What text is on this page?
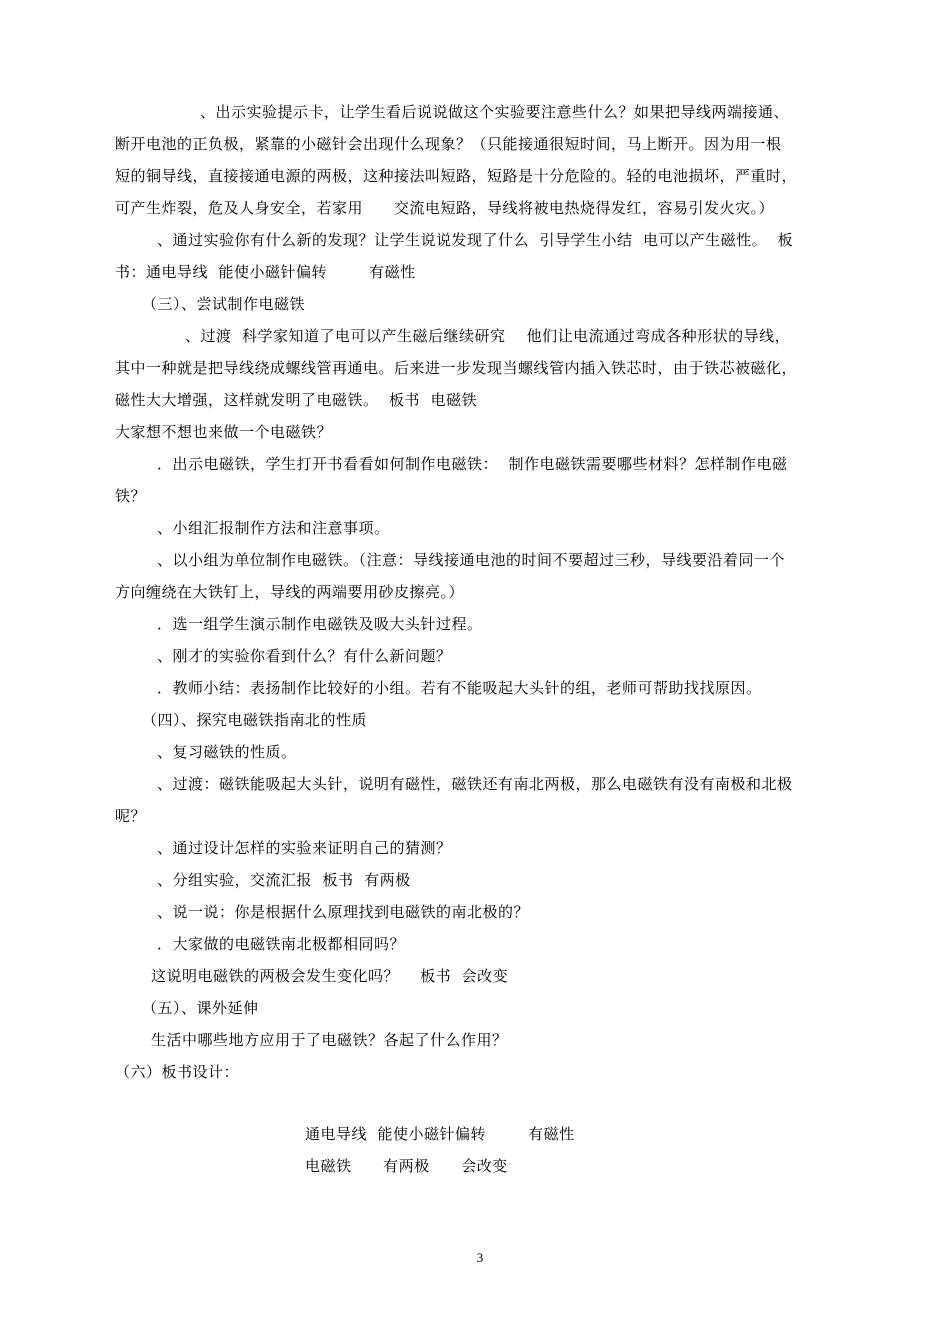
、出示实验提示卡，让学生看后说说做这个实验要注意些什么？如果把导线两端接通、
断开电池的正负极，紧靠的小磁针会出现什么现象？（只能接通很短时间，马上断开。因为用一根
短的铜导线，直接接通电源的两极，这种接法叫短路，短路是十分危险的。轻的电池损坏，严重时，
可产生炸裂，危及人身安全，若家用　　交流电短路，导线将被电热烧得发红，容易引发火灾。）
、通过实验你有什么新的发现？让学生说说发现了什么  引导学生小结  电可以产生磁性。  板
书：通电导线  能使小磁针偏转        有磁性
（三）、尝试制作电磁铁
、过渡  科学家知道了电可以产生磁后继续研究    他们让电流通过弯成各种形状的导线，
其中一种就是把导线绕成螺线管再通电。后来进一步发现当螺线管内插入铁芯时，由于铁芯被磁化，
磁性大大增强，这样就发明了电磁铁。  板书  电磁铁
大家想不想也来做一个电磁铁？
．出示电磁铁，学生打开书看看如何制作电磁铁：  制作电磁铁需要哪些材料？怎样制作电磁
铁？
、小组汇报制作方法和注意事项。
、以小组为单位制作电磁铁。（注意：导线接通电池的时间不要超过三秒，导线要沿着同一个
方向缠绕在大铁钉上，导线的两端要用砂皮擦亮。）
．选一组学生演示制作电磁铁及吸大头针过程。
、刚才的实验你看到什么？有什么新问题？
．教师小结：表扬制作比较好的小组。若有不能吸起大头针的组，老师可帮助找找原因。
（四）、探究电磁铁指南北的性质
、复习磁铁的性质。
、过渡：磁铁能吸起大头针，说明有磁性，磁铁还有南北两极，那么电磁铁有没有南极和北极
呢？
、通过设计怎样的实验来证明自己的猜测？
、分组实验，交流汇报  板书  有两极
、说一说：你是根据什么原理找到电磁铁的南北极的？
．大家做的电磁铁南北极都相同吗？
这说明电磁铁的两极会发生变化吗？    板书  会改变
（五）、课外延伸
生活中哪些地方应用于了电磁铁？各起了什么作用？
（六）板书设计：
通电导线  能使小磁针偏转        有磁性
电磁铁      有两极      会改变
3
